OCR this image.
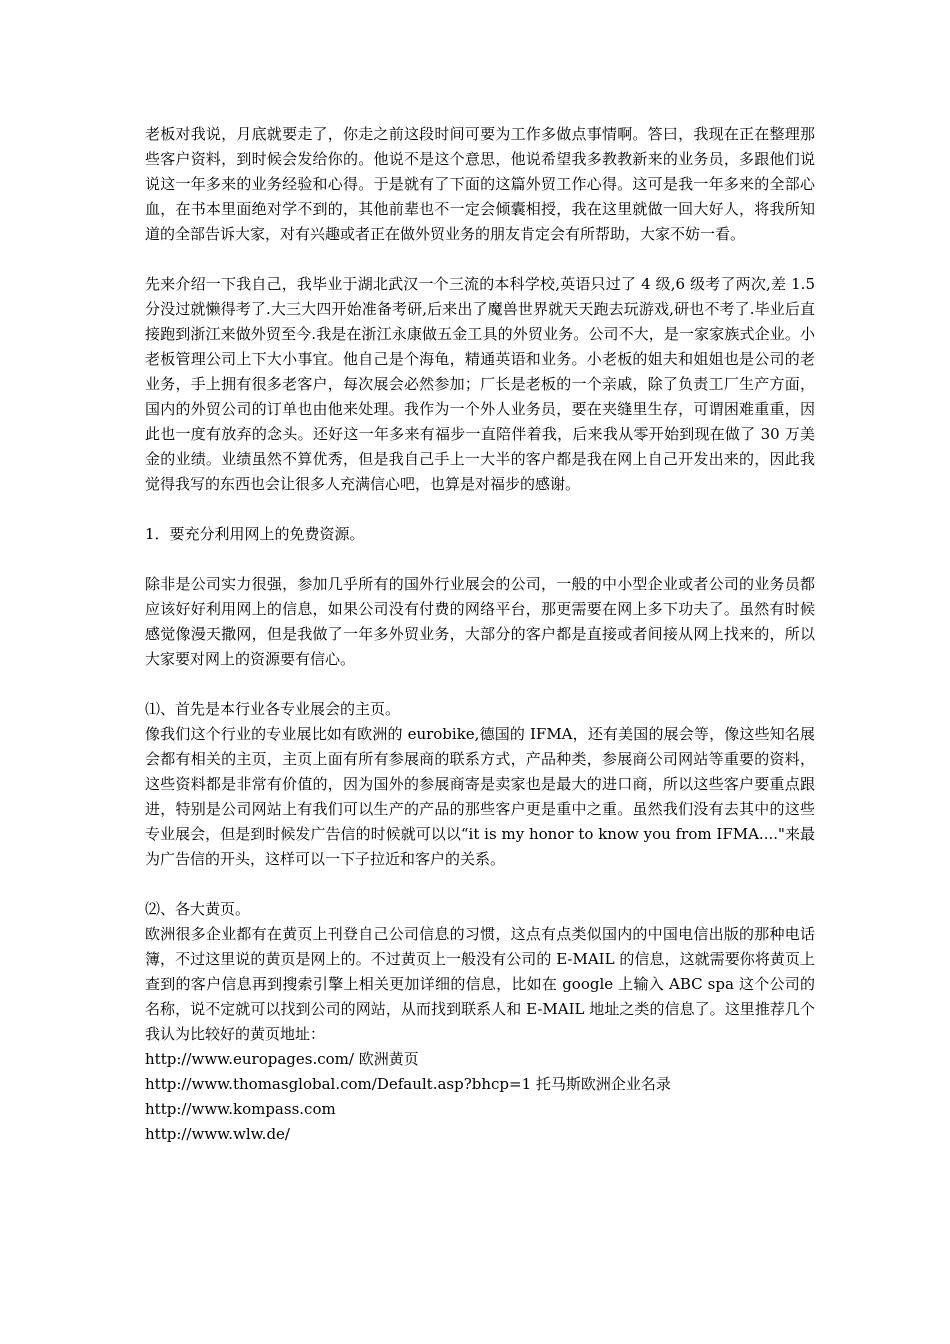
老板对我说，月底就要走了，你走之前这段时间可要为工作多做点事情啊。答曰，我现在正在整理那些客户资料，到时候会发给你的。他说不是这个意思，他说希望我多教教新来的业务员，多跟他们说说这一年多来的业务经验和心得。于是就有了下面的这篇外贸工作心得。这可是我一年多来的全部心血，在书本里面绝对学不到的，其他前辈也不一定会倾囊相授，我在这里就做一回大好人，将我所知道的全部告诉大家，对有兴趣或者正在做外贸业务的朋友肯定会有所帮助，大家不妨一看。

先来介绍一下我自己，我毕业于湖北武汉一个三流的本科学校,英语只过了 4 级,6 级考了两次,差 1.5 分没过就懒得考了.大三大四开始准备考研,后来出了魔兽世界就天天跑去玩游戏,研也不考了.毕业后直接跑到浙江来做外贸至今.我是在浙江永康做五金工具的外贸业务。公司不大，是一家家族式企业。小老板管理公司上下大小事宜。他自己是个海龟，精通英语和业务。小老板的姐夫和姐姐也是公司的老业务，手上拥有很多老客户，每次展会必然参加；厂长是老板的一个亲戚，除了负责工厂生产方面，国内的外贸公司的订单也由他来处理。我作为一个外人业务员，要在夹缝里生存，可谓困难重重，因此也一度有放弃的念头。还好这一年多来有福步一直陪伴着我，后来我从零开始到现在做了 30 万美金的业绩。业绩虽然不算优秀，但是我自己手上一大半的客户都是我在网上自己开发出来的，因此我觉得我写的东西也会让很多人充满信心吧，也算是对福步的感谢。

1．要充分利用网上的免费资源。

除非是公司实力很强，参加几乎所有的国外行业展会的公司，一般的中小型企业或者公司的业务员都应该好好利用网上的信息，如果公司没有付费的网络平台，那更需要在网上多下功夫了。虽然有时候感觉像漫天撒网，但是我做了一年多外贸业务，大部分的客户都是直接或者间接从网上找来的，所以大家要对网上的资源要有信心。

⑴、首先是本行业各专业展会的主页。

像我们这个行业的专业展比如有欧洲的 eurobike,德国的 IFMA，还有美国的展会等，像这些知名展会都有相关的主页，主页上面有所有参展商的联系方式，产品种类，参展商公司网站等重要的资料，这些资料都是非常有价值的，因为国外的参展商寄是卖家也是最大的进口商，所以这些客户要重点跟进，特别是公司网站上有我们可以生产的产品的那些客户更是重中之重。虽然我们没有去其中的这些专业展会，但是到时候发广告信的时候就可以以“it is my honor to know you from IFMA...."来最为广告信的开头，这样可以一下子拉近和客户的关系。

⑵、各大黄页。

欧洲很多企业都有在黄页上刊登自己公司信息的习惯，这点有点类似国内的中国电信出版的那种电话簿，不过这里说的黄页是网上的。不过黄页上一般没有公司的 E-MAIL 的信息，这就需要你将黄页上查到的客户信息再到搜索引擎上相关更加详细的信息，比如在 google 上输入 ABC spa 这个公司的名称，说不定就可以找到公司的网站，从而找到联系人和 E-MAIL 地址之类的信息了。这里推荐几个我认为比较好的黄页地址：

http://www.europages.com/ 欧洲黄页

http://www.thomasglobal.com/Default.asp?bhcp=1 托马斯欧洲企业名录

http://www.kompass.com

http://www.wlw.de/
